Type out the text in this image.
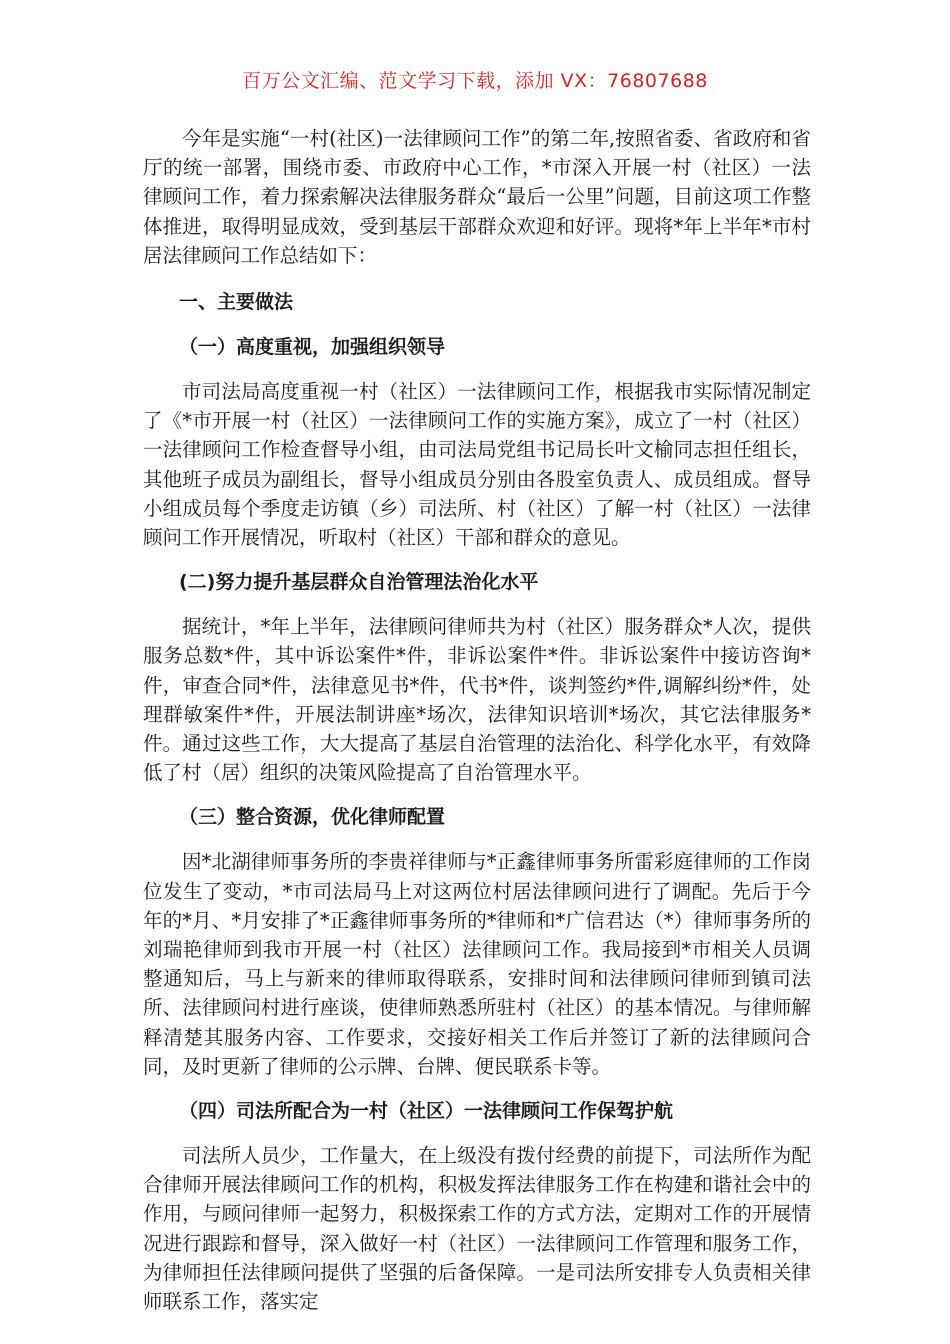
百万公文汇编、范文学习下载，添加 VX：76807688

今年是实施“一村(社区)一法律顾问工作”的第二年,按照省委、省政府和省厅的统一部署，围绕市委、市政府中心工作，*市深入开展一村（社区）一法律顾问工作，着力探索解决法律服务群众“最后一公里”问题，目前这项工作整体推进，取得明显成效，受到基层干部群众欢迎和好评。现将*年上半年*市村居法律顾问工作总结如下：

一、主要做法
（一）高度重视，加强组织领导

市司法局高度重视一村（社区）一法律顾问工作，根据我市实际情况制定了《*市开展一村（社区）一法律顾问工作的实施方案》，成立了一村（社区）一法律顾问工作检查督导小组，由司法局党组书记局长叶文榆同志担任组长，其他班子成员为副组长，督导小组成员分别由各股室负责人、成员组成。督导小组成员每个季度走访镇（乡）司法所、村（社区）了解一村（社区）一法律顾问工作开展情况，听取村（社区）干部和群众的意见。

(二)努力提升基层群众自治管理法治化水平

据统计，*年上半年，法律顾问律师共为村（社区）服务群众*人次，提供服务总数*件，其中诉讼案件*件，非诉讼案件*件。非诉讼案件中接访咨询*件，审查合同*件，法律意见书*件，代书*件，谈判签约*件,调解纠纷*件，处理群敏案件*件，开展法制讲座*场次，法律知识培训*场次，其它法律服务*件。通过这些工作，大大提高了基层自治管理的法治化、科学化水平，有效降低了村（居）组织的决策风险提高了自治管理水平。

（三）整合资源，优化律师配置

因*北湖律师事务所的李贵祥律师与*正鑫律师事务所雷彩庭律师的工作岗位发生了变动，*市司法局马上对这两位村居法律顾问进行了调配。先后于今年的*月、*月安排了*正鑫律师事务所的*律师和*广信君达（*）律师事务所的刘瑞艳律师到我市开展一村（社区）法律顾问工作。我局接到*市相关人员调整通知后，马上与新来的律师取得联系，安排时间和法律顾问律师到镇司法所、法律顾问村进行座谈，使律师熟悉所驻村（社区）的基本情况。与律师解释清楚其服务内容、工作要求，交接好相关工作后并签订了新的法律顾问合同，及时更新了律师的公示牌、台牌、便民联系卡等。

（四）司法所配合为一村（社区）一法律顾问工作保驾护航

司法所人员少，工作量大，在上级没有拨付经费的前提下，司法所作为配合律师开展法律顾问工作的机构，积极发挥法律服务工作在构建和谐社会中的作用，与顾问律师一起努力，积极探索工作的方式方法，定期对工作的开展情况进行跟踪和督导，深入做好一村（社区）一法律顾问工作管理和服务工作，为律师担任法律顾问提供了坚强的后备保障。一是司法所安排专人负责相关律师联系工作，落实定
